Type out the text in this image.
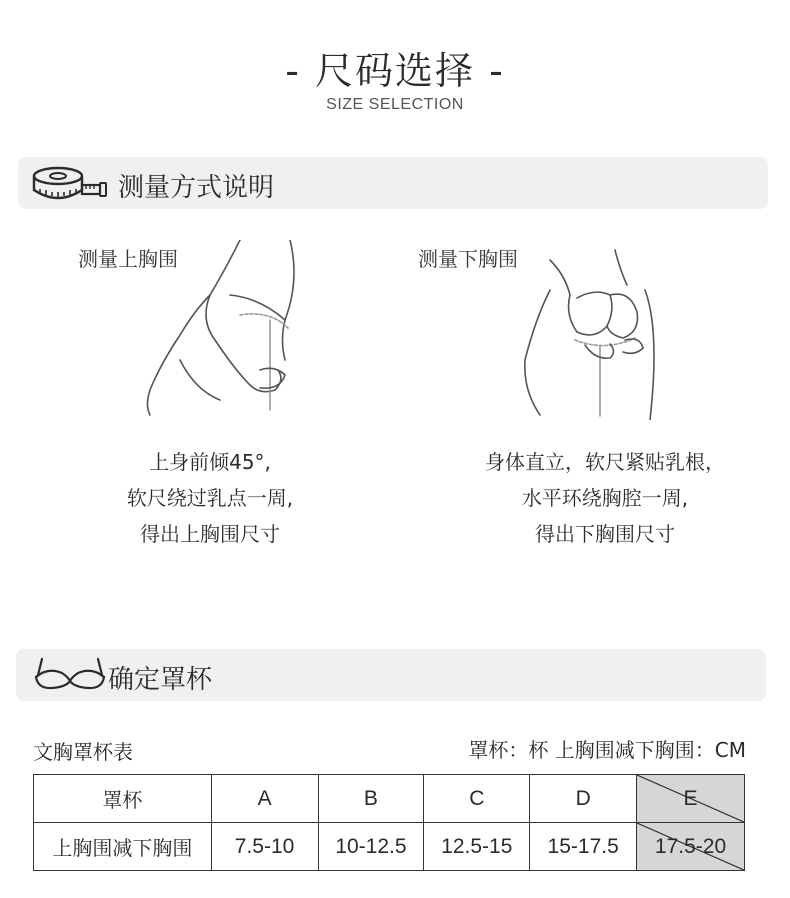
- 尺码选择 -
SIZE SELECTION
测量方式说明
测量上胸围	测量下胸围
上身前倾45°,
软尺绕过乳点一周,
得出上胸围尺寸
身体直立，软尺紧贴乳根，
水平环绕胸腔一周,
得出下胸围尺寸
确定罩杯
文胸罩杯表	罩杯：杯 上胸围减下胸围：CM
罩杯	A	B	C	D	E
上胸围减下胸围	7.5-10	10-12.5	12.5-15	15-17.5	17.5-20
